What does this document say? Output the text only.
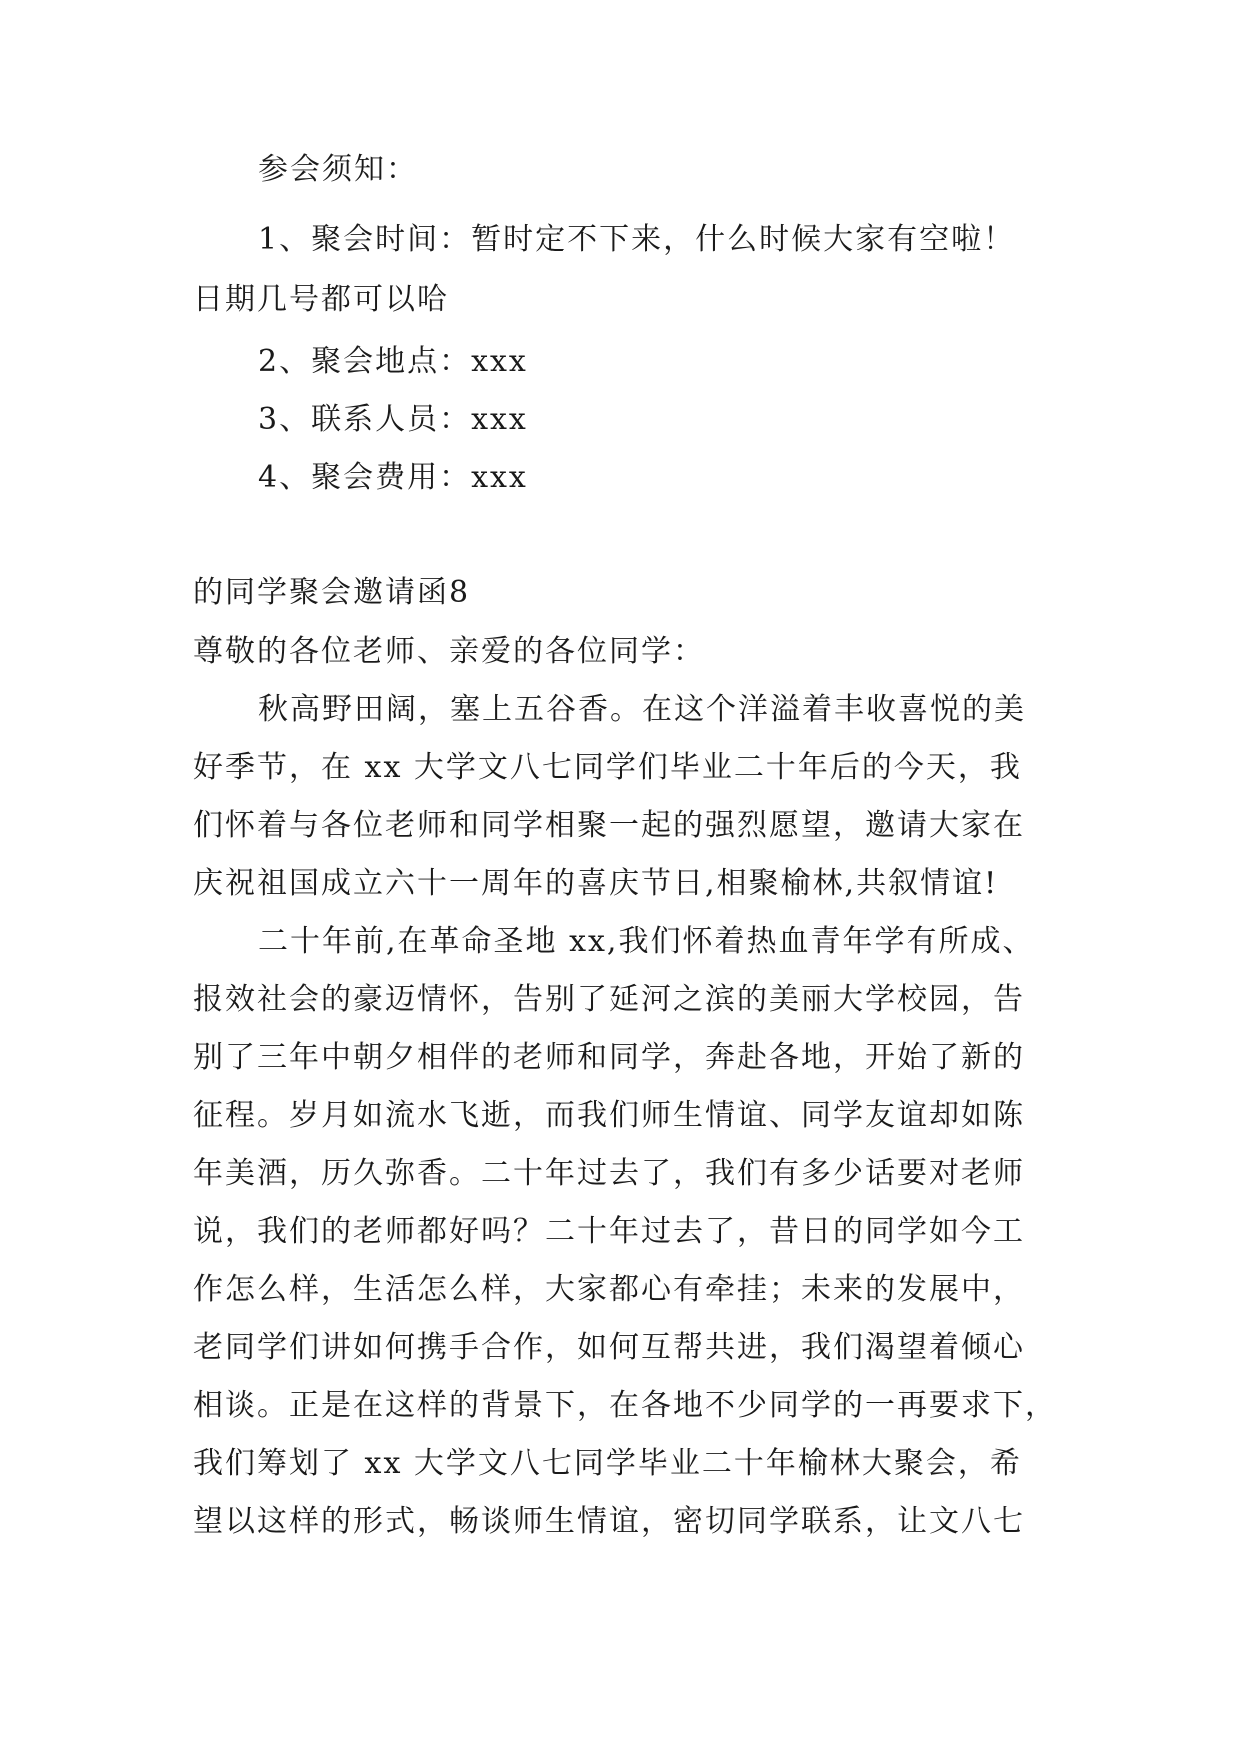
参会须知：
1、聚会时间：暂时定不下来，什么时候大家有空啦！
日期几号都可以哈
2、聚会地点：xxx
3、联系人员：xxx
4、聚会费用：xxx
的同学聚会邀请函8
尊敬的各位老师、亲爱的各位同学：
秋高野田阔，塞上五谷香。在这个洋溢着丰收喜悦的美
好季节，在 xx 大学文八七同学们毕业二十年后的今天，我
们怀着与各位老师和同学相聚一起的强烈愿望，邀请大家在
庆祝祖国成立六十一周年的喜庆节日,相聚榆林,共叙情谊!
二十年前,在革命圣地 xx,我们怀着热血青年学有所成、
报效社会的豪迈情怀，告别了延河之滨的美丽大学校园，告
别了三年中朝夕相伴的老师和同学，奔赴各地，开始了新的
征程。岁月如流水飞逝，而我们师生情谊、同学友谊却如陈
年美酒，历久弥香。二十年过去了，我们有多少话要对老师
说，我们的老师都好吗？二十年过去了，昔日的同学如今工
作怎么样，生活怎么样，大家都心有牵挂；未来的发展中，
老同学们讲如何携手合作，如何互帮共进，我们渴望着倾心
相谈。正是在这样的背景下，在各地不少同学的一再要求下，
我们筹划了 xx 大学文八七同学毕业二十年榆林大聚会，希
望以这样的形式，畅谈师生情谊，密切同学联系，让文八七
